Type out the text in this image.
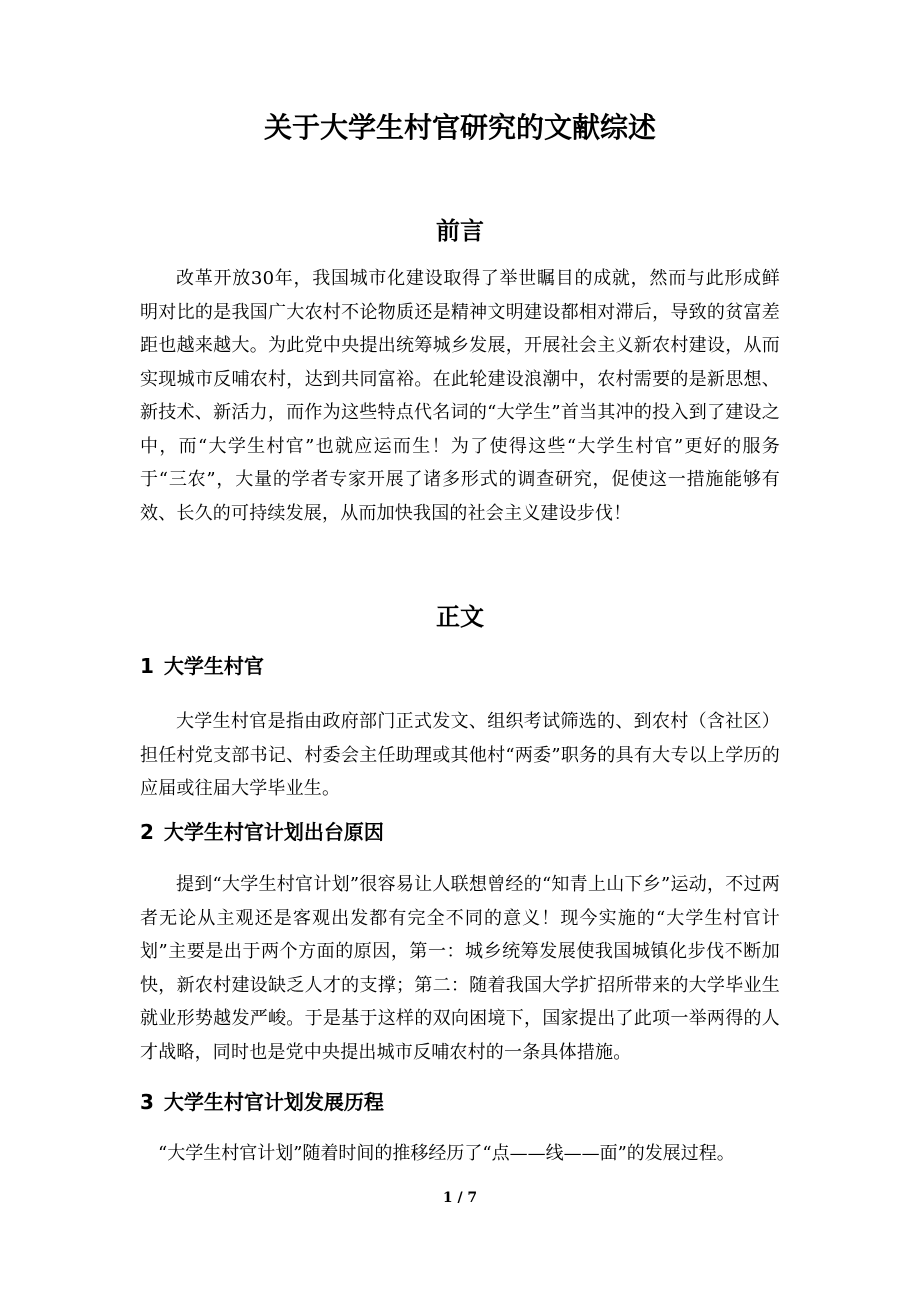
关于大学生村官研究的文献综述
前言

改革开放30年，我国城市化建设取得了举世瞩目的成就，然而与此形成鲜明对比的是我国广大农村不论物质还是精神文明建设都相对滞后，导致的贫富差距也越来越大。为此党中央提出统筹城乡发展，开展社会主义新农村建设，从而实现城市反哺农村，达到共同富裕。在此轮建设浪潮中，农村需要的是新思想、新技术、新活力，而作为这些特点代名词的“大学生”首当其冲的投入到了建设之中，而“大学生村官”也就应运而生！为了使得这些“大学生村官”更好的服务于“三农”，大量的学者专家开展了诸多形式的调查研究，促使这一措施能够有效、长久的可持续发展，从而加快我国的社会主义建设步伐！

正文
1 大学生村官

大学生村官是指由政府部门正式发文、组织考试筛选的、到农村（含社区）担任村党支部书记、村委会主任助理或其他村“两委”职务的具有大专以上学历的应届或往届大学毕业生。

2 大学生村官计划出台原因

提到“大学生村官计划”很容易让人联想曾经的“知青上山下乡”运动，不过两者无论从主观还是客观出发都有完全不同的意义！现今实施的“大学生村官计划”主要是出于两个方面的原因，第一：城乡统筹发展使我国城镇化步伐不断加快，新农村建设缺乏人才的支撑；第二：随着我国大学扩招所带来的大学毕业生就业形势越发严峻。于是基于这样的双向困境下，国家提出了此项一举两得的人才战略，同时也是党中央提出城市反哺农村的一条具体措施。

3 大学生村官计划发展历程

“大学生村官计划”随着时间的推移经历了“点——线——面”的发展过程。

1 / 7
